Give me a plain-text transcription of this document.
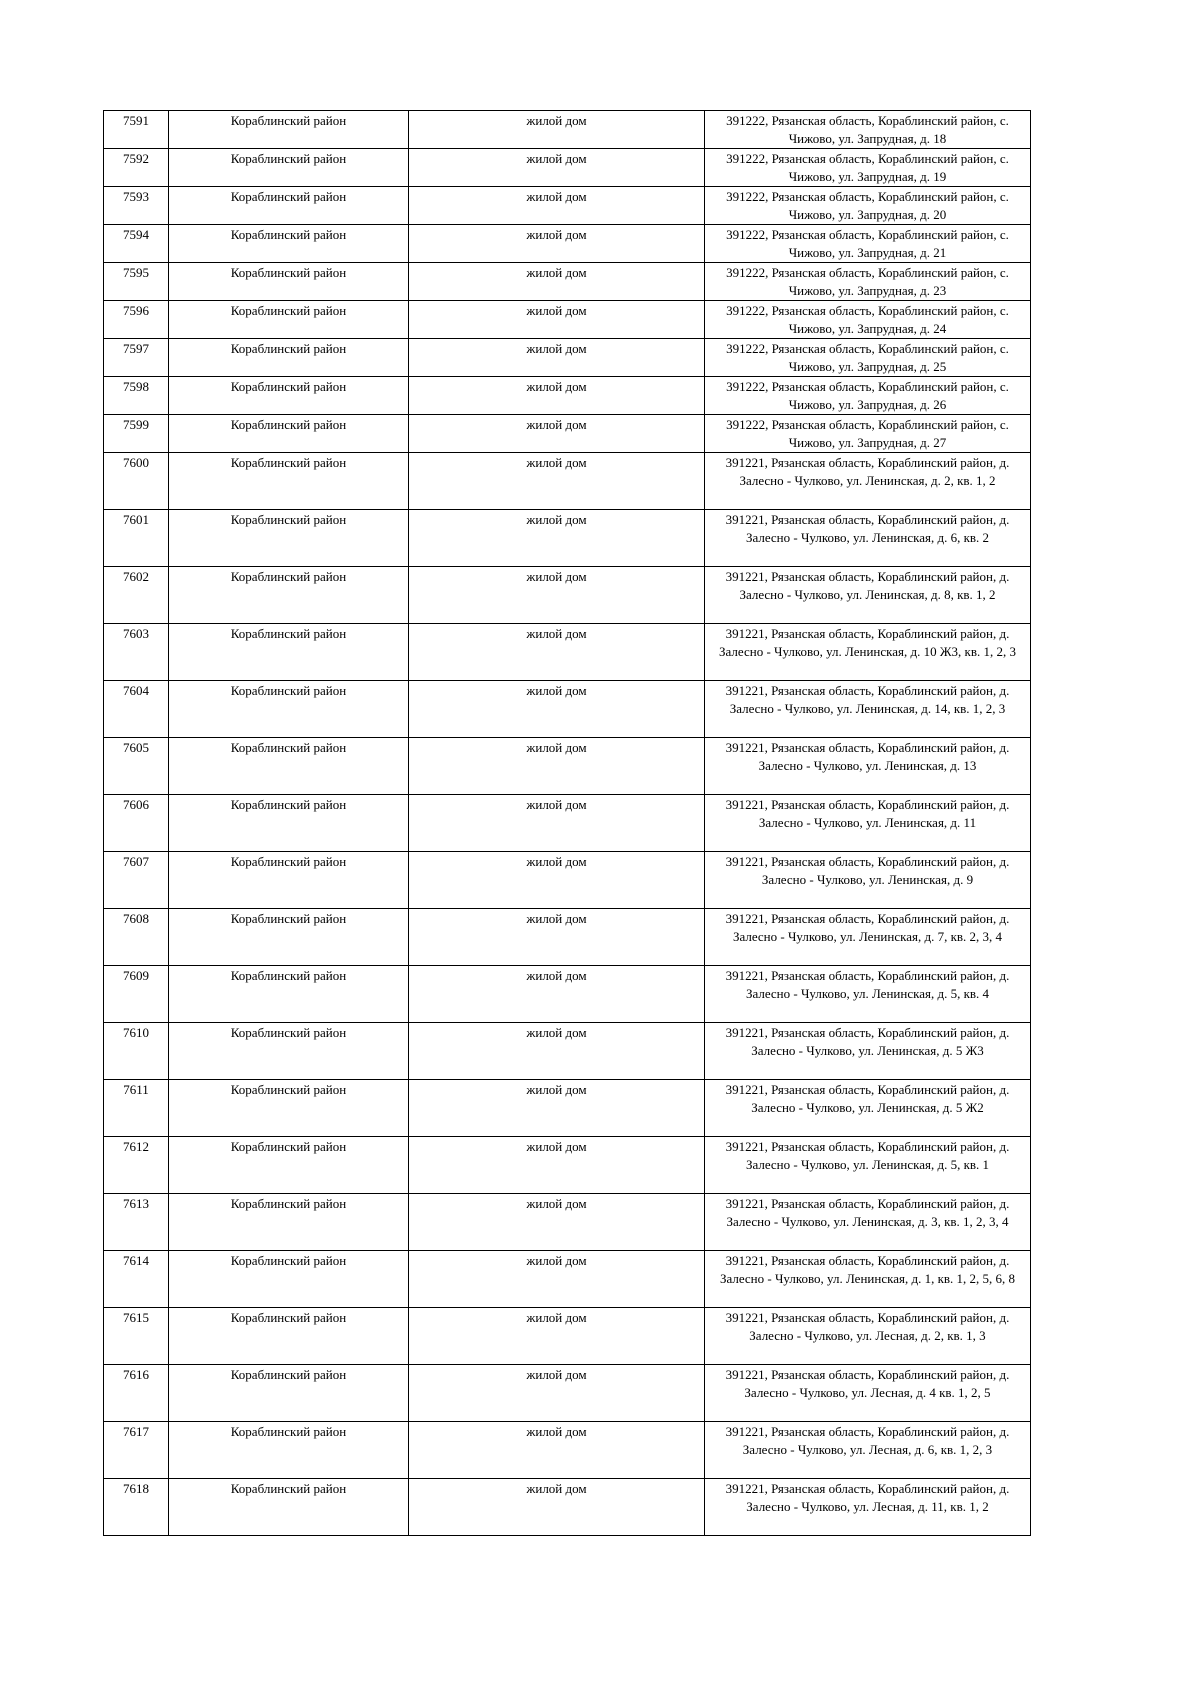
7591	Кораблинский район	жилой дом	391222, Рязанская область, Кораблинский район, с. Чижово, ул. Запрудная, д. 18
7592	Кораблинский район	жилой дом	391222, Рязанская область, Кораблинский район, с. Чижово, ул. Запрудная, д. 19
7593	Кораблинский район	жилой дом	391222, Рязанская область, Кораблинский район, с. Чижово, ул. Запрудная, д. 20
7594	Кораблинский район	жилой дом	391222, Рязанская область, Кораблинский район, с. Чижово, ул. Запрудная, д. 21
7595	Кораблинский район	жилой дом	391222, Рязанская область, Кораблинский район, с. Чижово, ул. Запрудная, д. 23
7596	Кораблинский район	жилой дом	391222, Рязанская область, Кораблинский район, с. Чижово, ул. Запрудная, д. 24
7597	Кораблинский район	жилой дом	391222, Рязанская область, Кораблинский район, с. Чижово, ул. Запрудная, д. 25
7598	Кораблинский район	жилой дом	391222, Рязанская область, Кораблинский район, с. Чижово, ул. Запрудная, д. 26
7599	Кораблинский район	жилой дом	391222, Рязанская область, Кораблинский район, с. Чижово, ул. Запрудная, д. 27
7600	Кораблинский район	жилой дом	391221, Рязанская область, Кораблинский район, д. Залесно - Чулково, ул. Ленинская, д. 2, кв. 1, 2
7601	Кораблинский район	жилой дом	391221, Рязанская область, Кораблинский район, д. Залесно - Чулково, ул. Ленинская, д. 6, кв. 2
7602	Кораблинский район	жилой дом	391221, Рязанская область, Кораблинский район, д. Залесно - Чулково, ул. Ленинская, д. 8, кв. 1, 2
7603	Кораблинский район	жилой дом	391221, Рязанская область, Кораблинский район, д. Залесно - Чулково, ул. Ленинская, д. 10 Ж3, кв. 1, 2, 3
7604	Кораблинский район	жилой дом	391221, Рязанская область, Кораблинский район, д. Залесно - Чулково, ул. Ленинская, д. 14, кв. 1, 2, 3
7605	Кораблинский район	жилой дом	391221, Рязанская область, Кораблинский район, д. Залесно - Чулково, ул. Ленинская, д. 13
7606	Кораблинский район	жилой дом	391221, Рязанская область, Кораблинский район, д. Залесно - Чулково, ул. Ленинская, д. 11
7607	Кораблинский район	жилой дом	391221, Рязанская область, Кораблинский район, д. Залесно - Чулково, ул. Ленинская, д. 9
7608	Кораблинский район	жилой дом	391221, Рязанская область, Кораблинский район, д. Залесно - Чулково, ул. Ленинская, д. 7, кв. 2, 3, 4
7609	Кораблинский район	жилой дом	391221, Рязанская область, Кораблинский район, д. Залесно - Чулково, ул. Ленинская, д. 5, кв. 4
7610	Кораблинский район	жилой дом	391221, Рязанская область, Кораблинский район, д. Залесно - Чулково, ул. Ленинская, д. 5 Ж3
7611	Кораблинский район	жилой дом	391221, Рязанская область, Кораблинский район, д. Залесно - Чулково, ул. Ленинская, д. 5 Ж2
7612	Кораблинский район	жилой дом	391221, Рязанская область, Кораблинский район, д. Залесно - Чулково, ул. Ленинская, д. 5, кв. 1
7613	Кораблинский район	жилой дом	391221, Рязанская область, Кораблинский район, д. Залесно - Чулково, ул. Ленинская, д. 3, кв. 1, 2, 3, 4
7614	Кораблинский район	жилой дом	391221, Рязанская область, Кораблинский район, д. Залесно - Чулково, ул. Ленинская, д. 1, кв. 1, 2, 5, 6, 8
7615	Кораблинский район	жилой дом	391221, Рязанская область, Кораблинский район, д. Залесно - Чулково, ул. Лесная, д. 2, кв. 1, 3
7616	Кораблинский район	жилой дом	391221, Рязанская область, Кораблинский район, д. Залесно - Чулково, ул. Лесная, д. 4 кв. 1, 2, 5
7617	Кораблинский район	жилой дом	391221, Рязанская область, Кораблинский район, д. Залесно - Чулково, ул. Лесная, д. 6, кв. 1, 2, 3
7618	Кораблинский район	жилой дом	391221, Рязанская область, Кораблинский район, д. Залесно - Чулково, ул. Лесная, д. 11, кв. 1, 2
